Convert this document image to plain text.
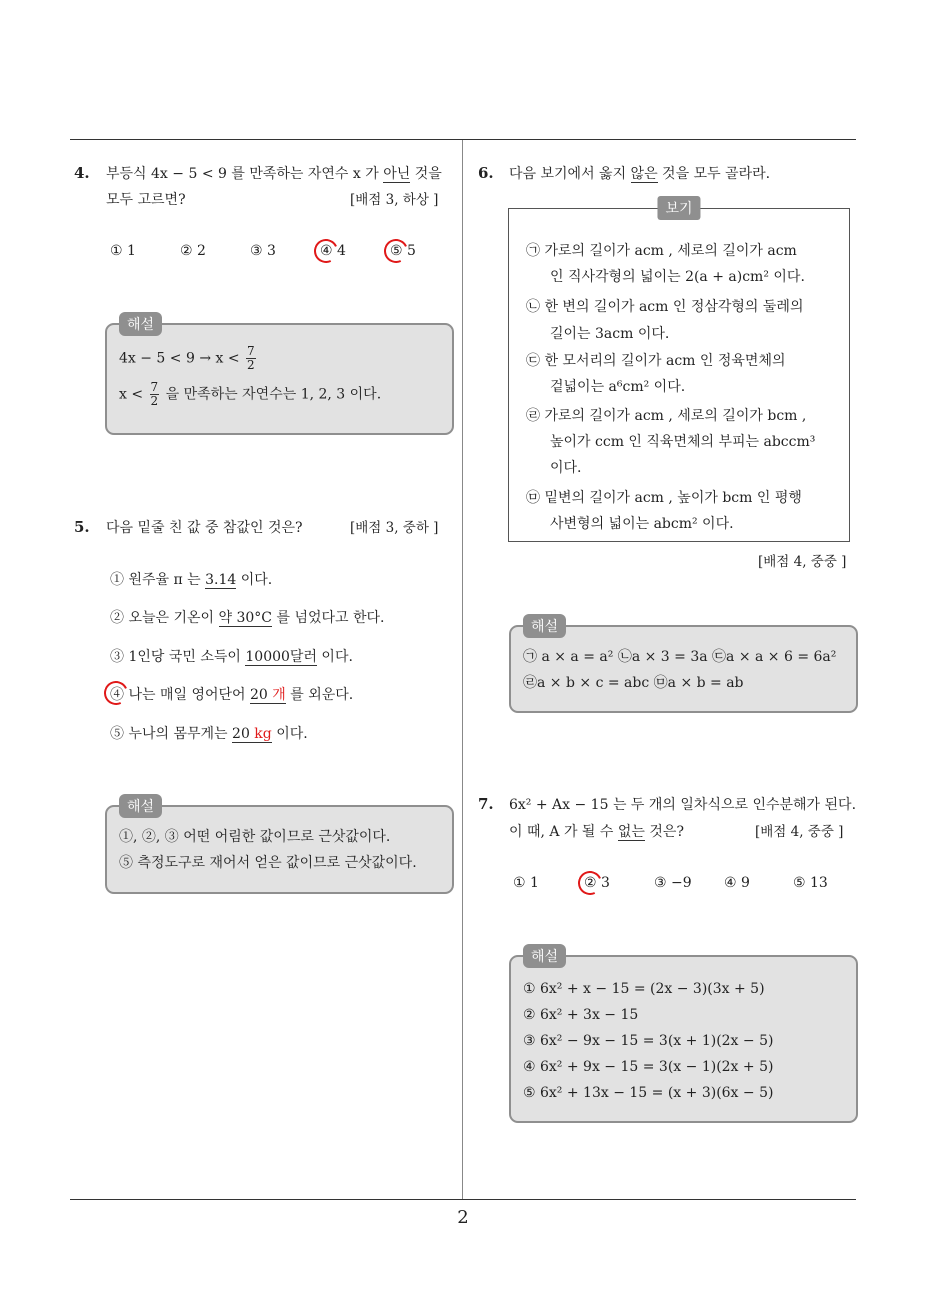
4. 부등식 4x − 5 < 9 를 만족하는 자연수 x 가 아닌 것을
모두 고르면?	[배점 3, 하상 ]
① 1	② 2	③ 3	④ 4	⑤ 5
해설
$4x - 5 < 9 \to x < \frac{7}{2}$
$x < \frac{7}{2}$ 을 만족하는 자연수는 1, 2, 3 이다.
5. 다음 밑줄 친 값 중 참값인 것은?	[배점 3, 중하 ]
① 원주율 π 는 3.14 이다.
② 오늘은 기온이 약 30°C 를 넘었다고 한다.
③ 1인당 국민 소득이 10000달러 이다.
④ 나는 매일 영어단어 20 개 를 외운다.
⑤ 누나의 몸무게는 20 kg 이다.
해설
①, ②, ③ 어떤 어림한 값이므로 근삿값이다.
⑤ 측정도구로 재어서 얻은 값이므로 근삿값이다.
6. 다음 보기에서 옳지 않은 것을 모두 골라라.
보기
㉠ 가로의 길이가 acm , 세로의 길이가 acm
인 직사각형의 넓이는 2(a + a)cm² 이다.
㉡ 한 변의 길이가 acm 인 정삼각형의 둘레의
길이는 3acm 이다.
㉢ 한 모서리의 길이가 acm 인 정육면체의
겉넓이는 a⁶cm² 이다.
㉣ 가로의 길이가 acm , 세로의 길이가 bcm ,
높이가 ccm 인 직육면체의 부피는 abccm³
이다.
㉤ 밑변의 길이가 acm , 높이가 bcm 인 평행
사변형의 넓이는 abcm² 이다.
[배점 4, 중중 ]
해설
㉠ a × a = a² ㉡a × 3 = 3a ㉢a × a × 6 = 6a²
㉣a × b × c = abc ㉤a × b = ab
7. 6x² + Ax − 15 는 두 개의 일차식으로 인수분해가 된다.
이 때, A 가 될 수 없는 것은?	[배점 4, 중중 ]
① 1	② 3	③ −9 ④ 9	⑤ 13
해설
① 6x² + x − 15 = (2x − 3)(3x + 5)
② 6x² + 3x − 15
③ 6x² − 9x − 15 = 3(x + 1)(2x − 5)
④ 6x² + 9x − 15 = 3(x − 1)(2x + 5)
⑤ 6x² + 13x − 15 = (x + 3)(6x − 5)
2
